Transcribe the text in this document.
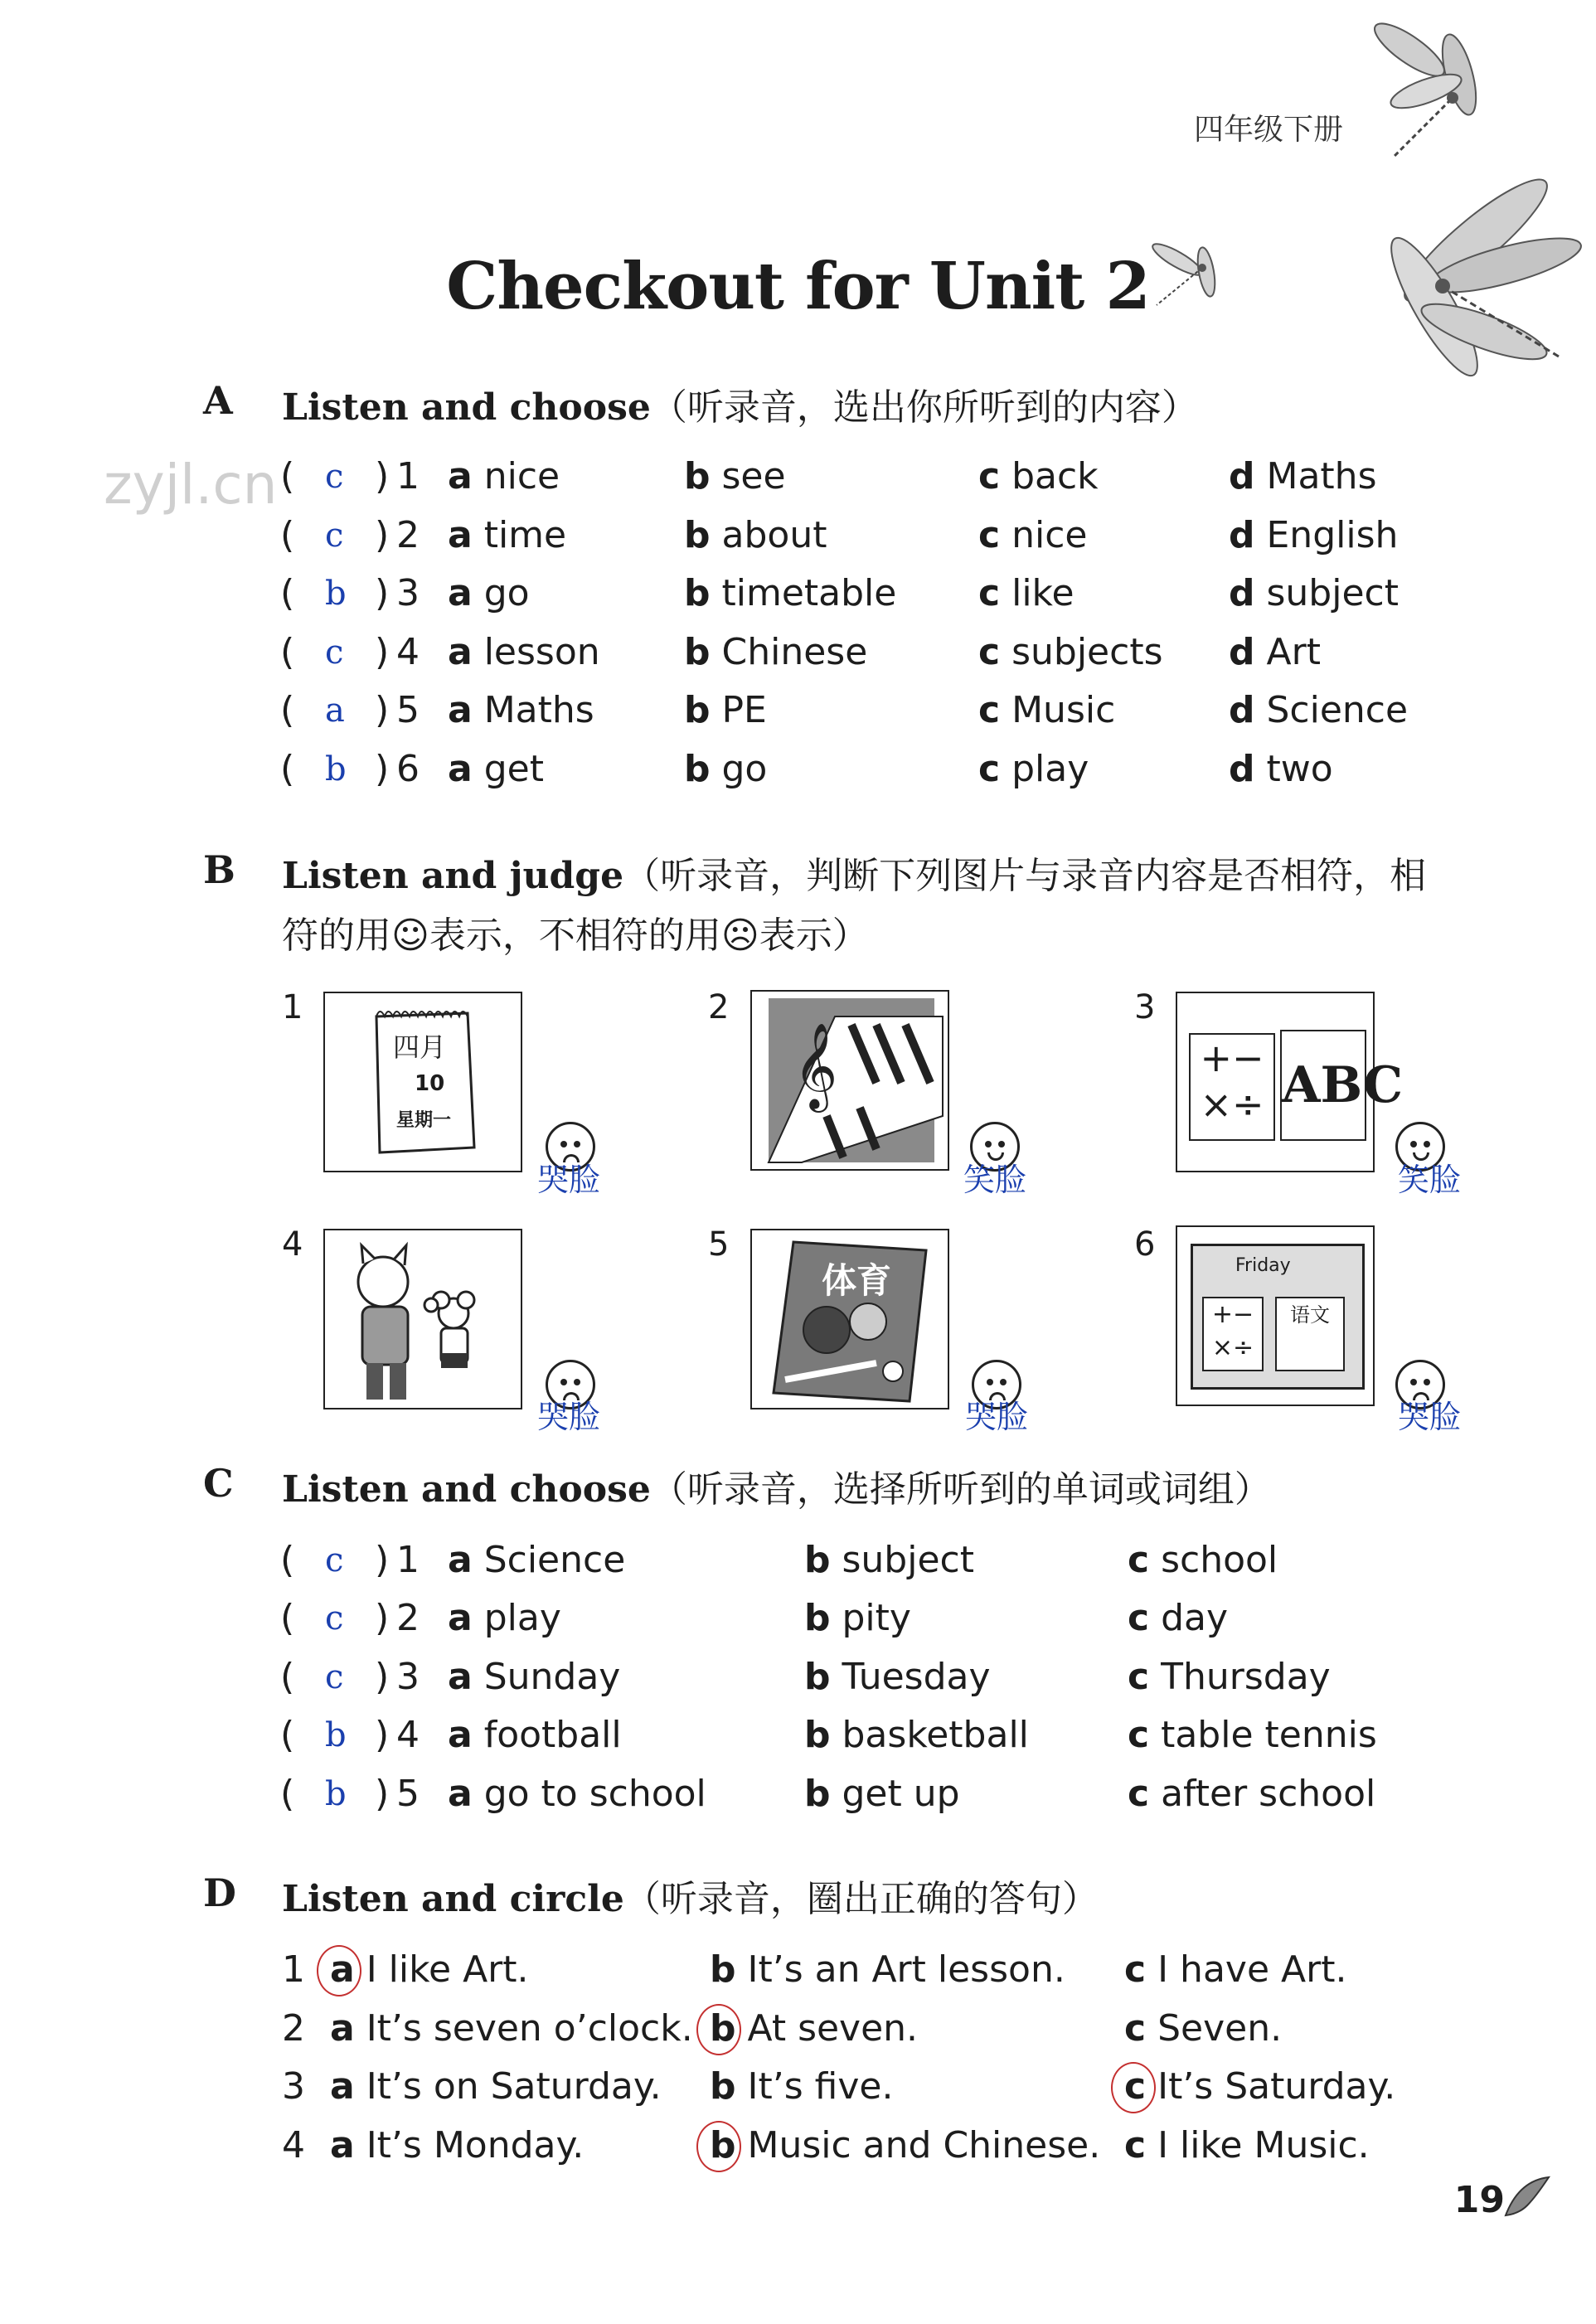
四年级下册
zyjl.cn
Checkout for Unit 2
A Listen and choose（听录音，选出你所听到的内容）
( c ) 1 a nice	b see	c back	d Maths
( c ) 2 a time	b about	c nice	d English
( b ) 3 a go	b timetable c like	d subject
( c ) 4 a lesson b Chinese	c subjects d Art
( a ) 5 a Maths b PE	c Music	d Science
( b ) 6 a get	b go	c play	d two
B Listen and judge（听录音，判断下列图片与录音内容是否相符，相
符的用☺表示，不相符的用☹表示）
1
四月
10
星期一
哭脸
2
𝄞
笑脸
3
+−
×÷ ABC
笑脸
4
哭脸
5
体育
哭脸
6
Friday
+−
×÷
语文
哭脸
C Listen and choose（听录音，选择所听到的单词或词组）
( c ) 1 a Science	b subject	c school
( c ) 2 a play	b pity	c day
( c ) 3 a Sunday	b Tuesday	c Thursday
( b ) 4 a football	b basketball	c table tennis
( b ) 5 a go to school	b get up	c after school
D Listen and circle（听录音，圈出正确的答句）
1 a I like Art.	b It’s an Art lesson. c I have Art.
2 a It’s seven o’clock. b At seven.	c Seven.
3 a It’s on Saturday. b It’s five.	c It’s Saturday.
4 a It’s Monday.	b Music and Chinese. c I like Music.
19
